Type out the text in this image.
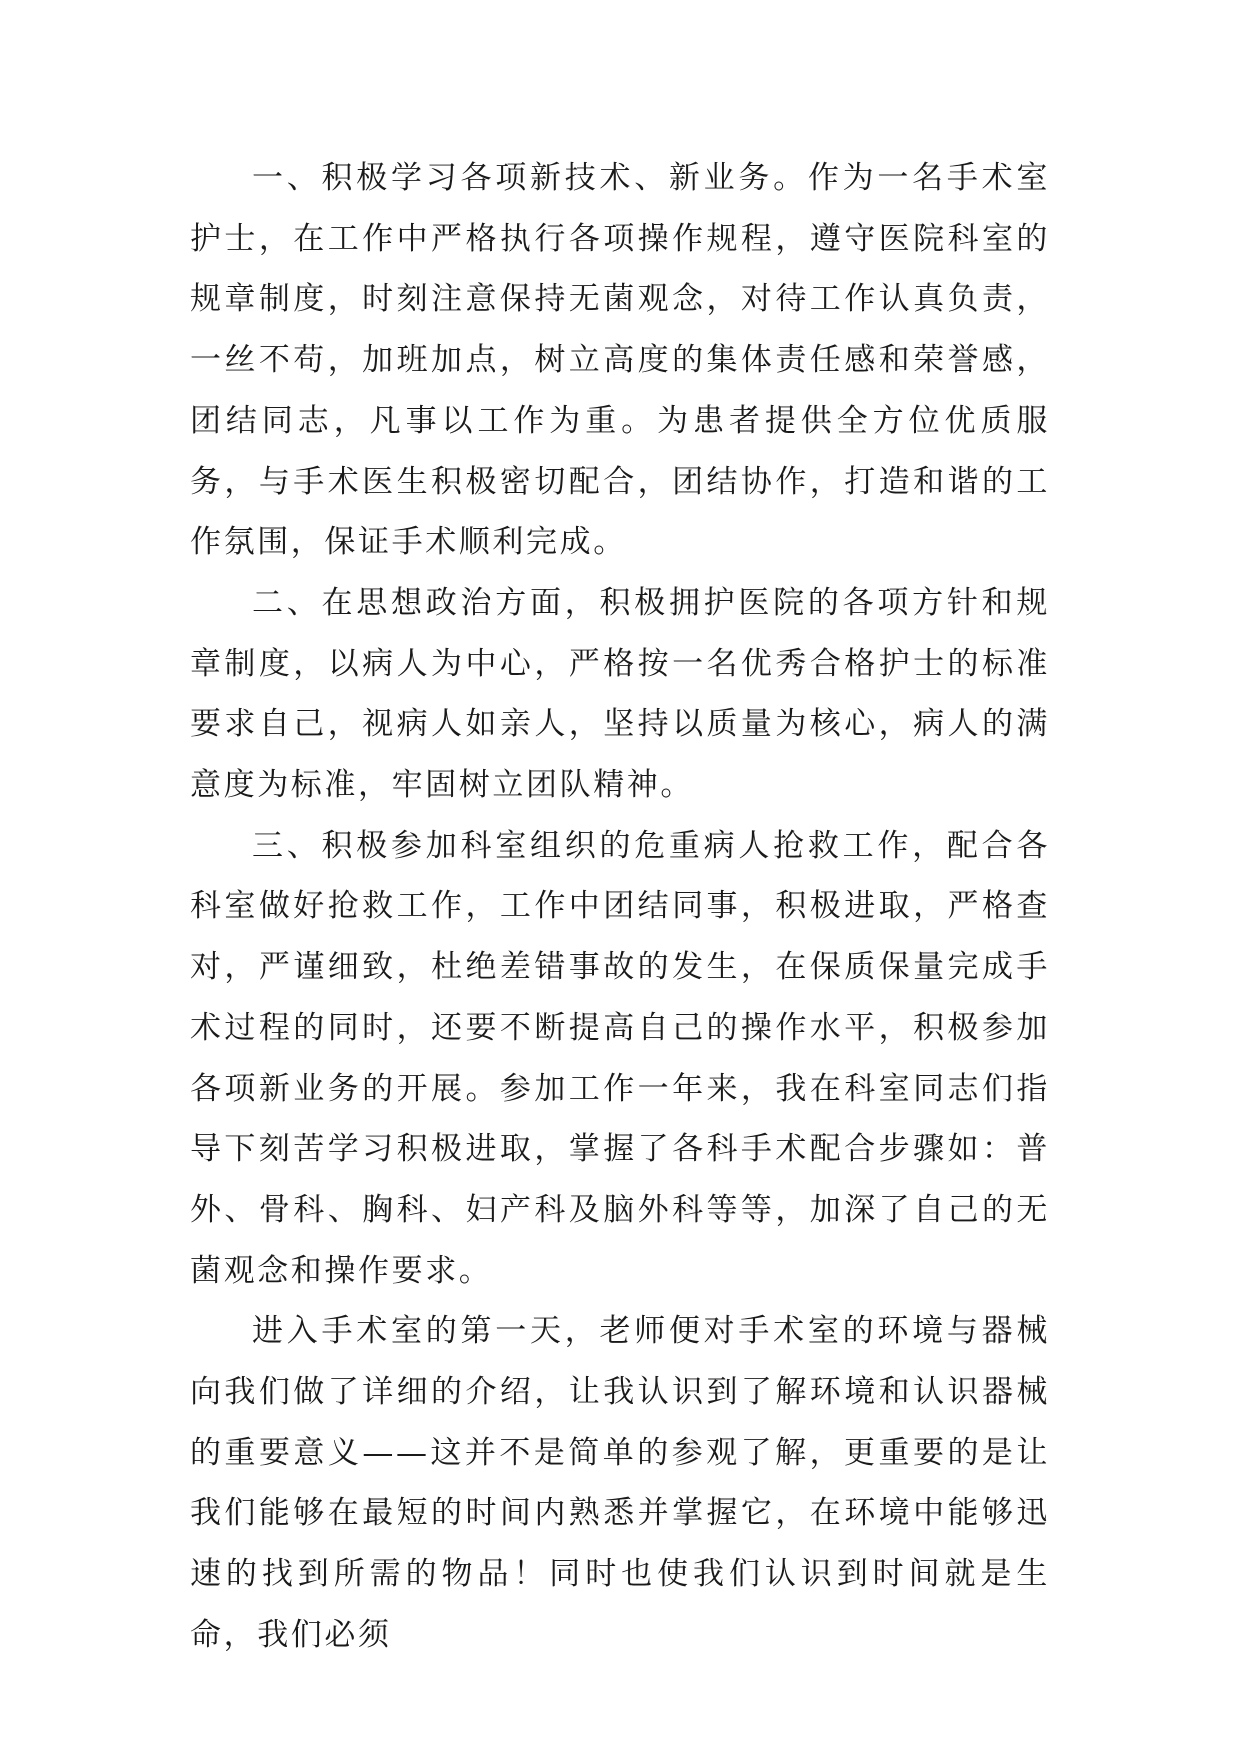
一、积极学习各项新技术、新业务。作为一名手术室护士，在工作中严格执行各项操作规程，遵守医院科室的规章制度，时刻注意保持无菌观念，对待工作认真负责，一丝不苟，加班加点，树立高度的集体责任感和荣誉感，团结同志，凡事以工作为重。为患者提供全方位优质服务，与手术医生积极密切配合，团结协作，打造和谐的工作氛围，保证手术顺利完成。

二、在思想政治方面，积极拥护医院的各项方针和规章制度，以病人为中心，严格按一名优秀合格护士的标准要求自己，视病人如亲人，坚持以质量为核心，病人的满意度为标准，牢固树立团队精神。

三、积极参加科室组织的危重病人抢救工作，配合各科室做好抢救工作，工作中团结同事，积极进取，严格查对，严谨细致，杜绝差错事故的发生，在保质保量完成手术过程的同时，还要不断提高自己的操作水平，积极参加各项新业务的开展。参加工作一年来，我在科室同志们指导下刻苦学习积极进取，掌握了各科手术配合步骤如：普外、骨科、胸科、妇产科及脑外科等等，加深了自己的无菌观念和操作要求。

进入手术室的第一天，老师便对手术室的环境与器械向我们做了详细的介绍，让我认识到了解环境和认识器械的重要意义——这并不是简单的参观了解，更重要的是让我们能够在最短的时间内熟悉并掌握它，在环境中能够迅速的找到所需的物品！同时也使我们认识到时间就是生命，我们必须
